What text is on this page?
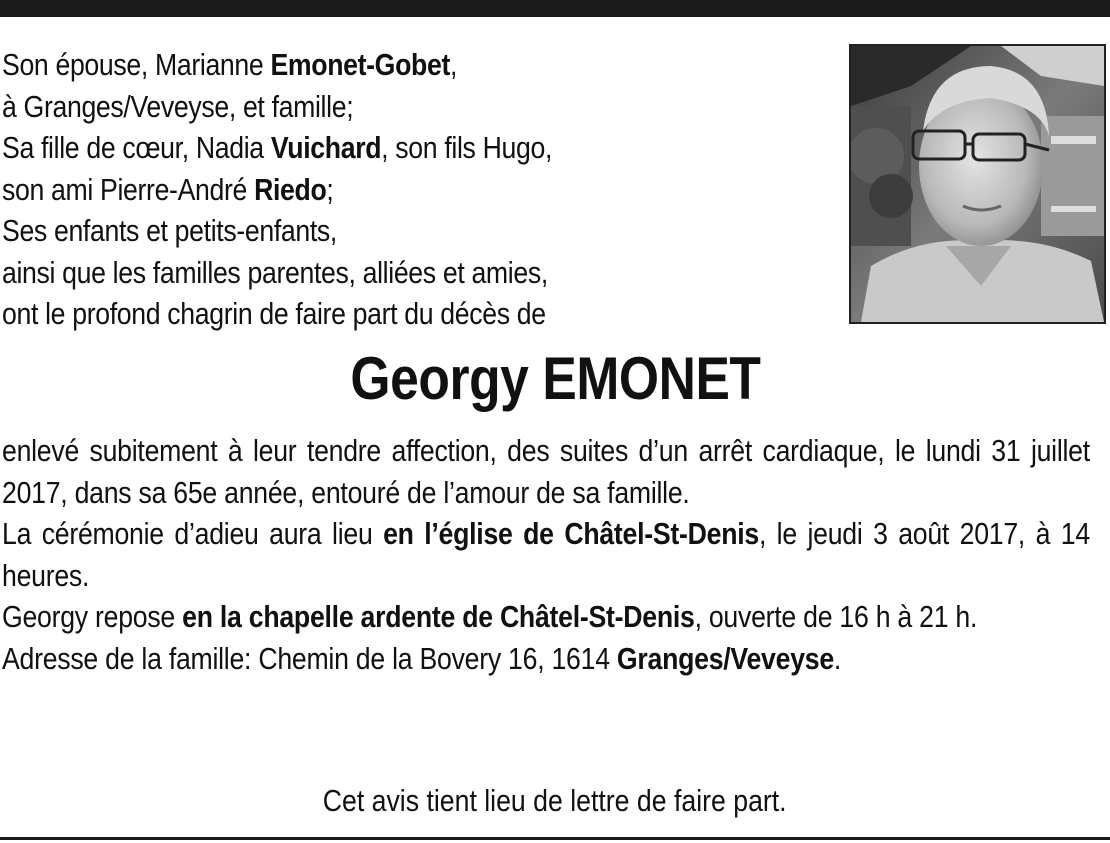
Son épouse, Marianne Emonet-Gobet,
à Granges/Veveyse, et famille;
Sa fille de cœur, Nadia Vuichard, son fils Hugo,
son ami Pierre-André Riedo;
Ses enfants et petits-enfants,
ainsi que les familles parentes, alliées et amies,
ont le profond chagrin de faire part du décès de
Georgy EMONET
enlevé subitement à leur tendre affection, des suites d’un arrêt cardiaque, le lundi 31 juillet 2017, dans sa 65e année, entouré de l’amour de sa famille.
La cérémonie d’adieu aura lieu en l’église de Châtel-St-Denis, le jeudi 3 août 2017, à 14 heures.
Georgy repose en la chapelle ardente de Châtel-St-Denis, ouverte de 16 h à 21 h.
Adresse de la famille: Chemin de la Bovery 16, 1614 Granges/Veveyse.
Cet avis tient lieu de lettre de faire part.
